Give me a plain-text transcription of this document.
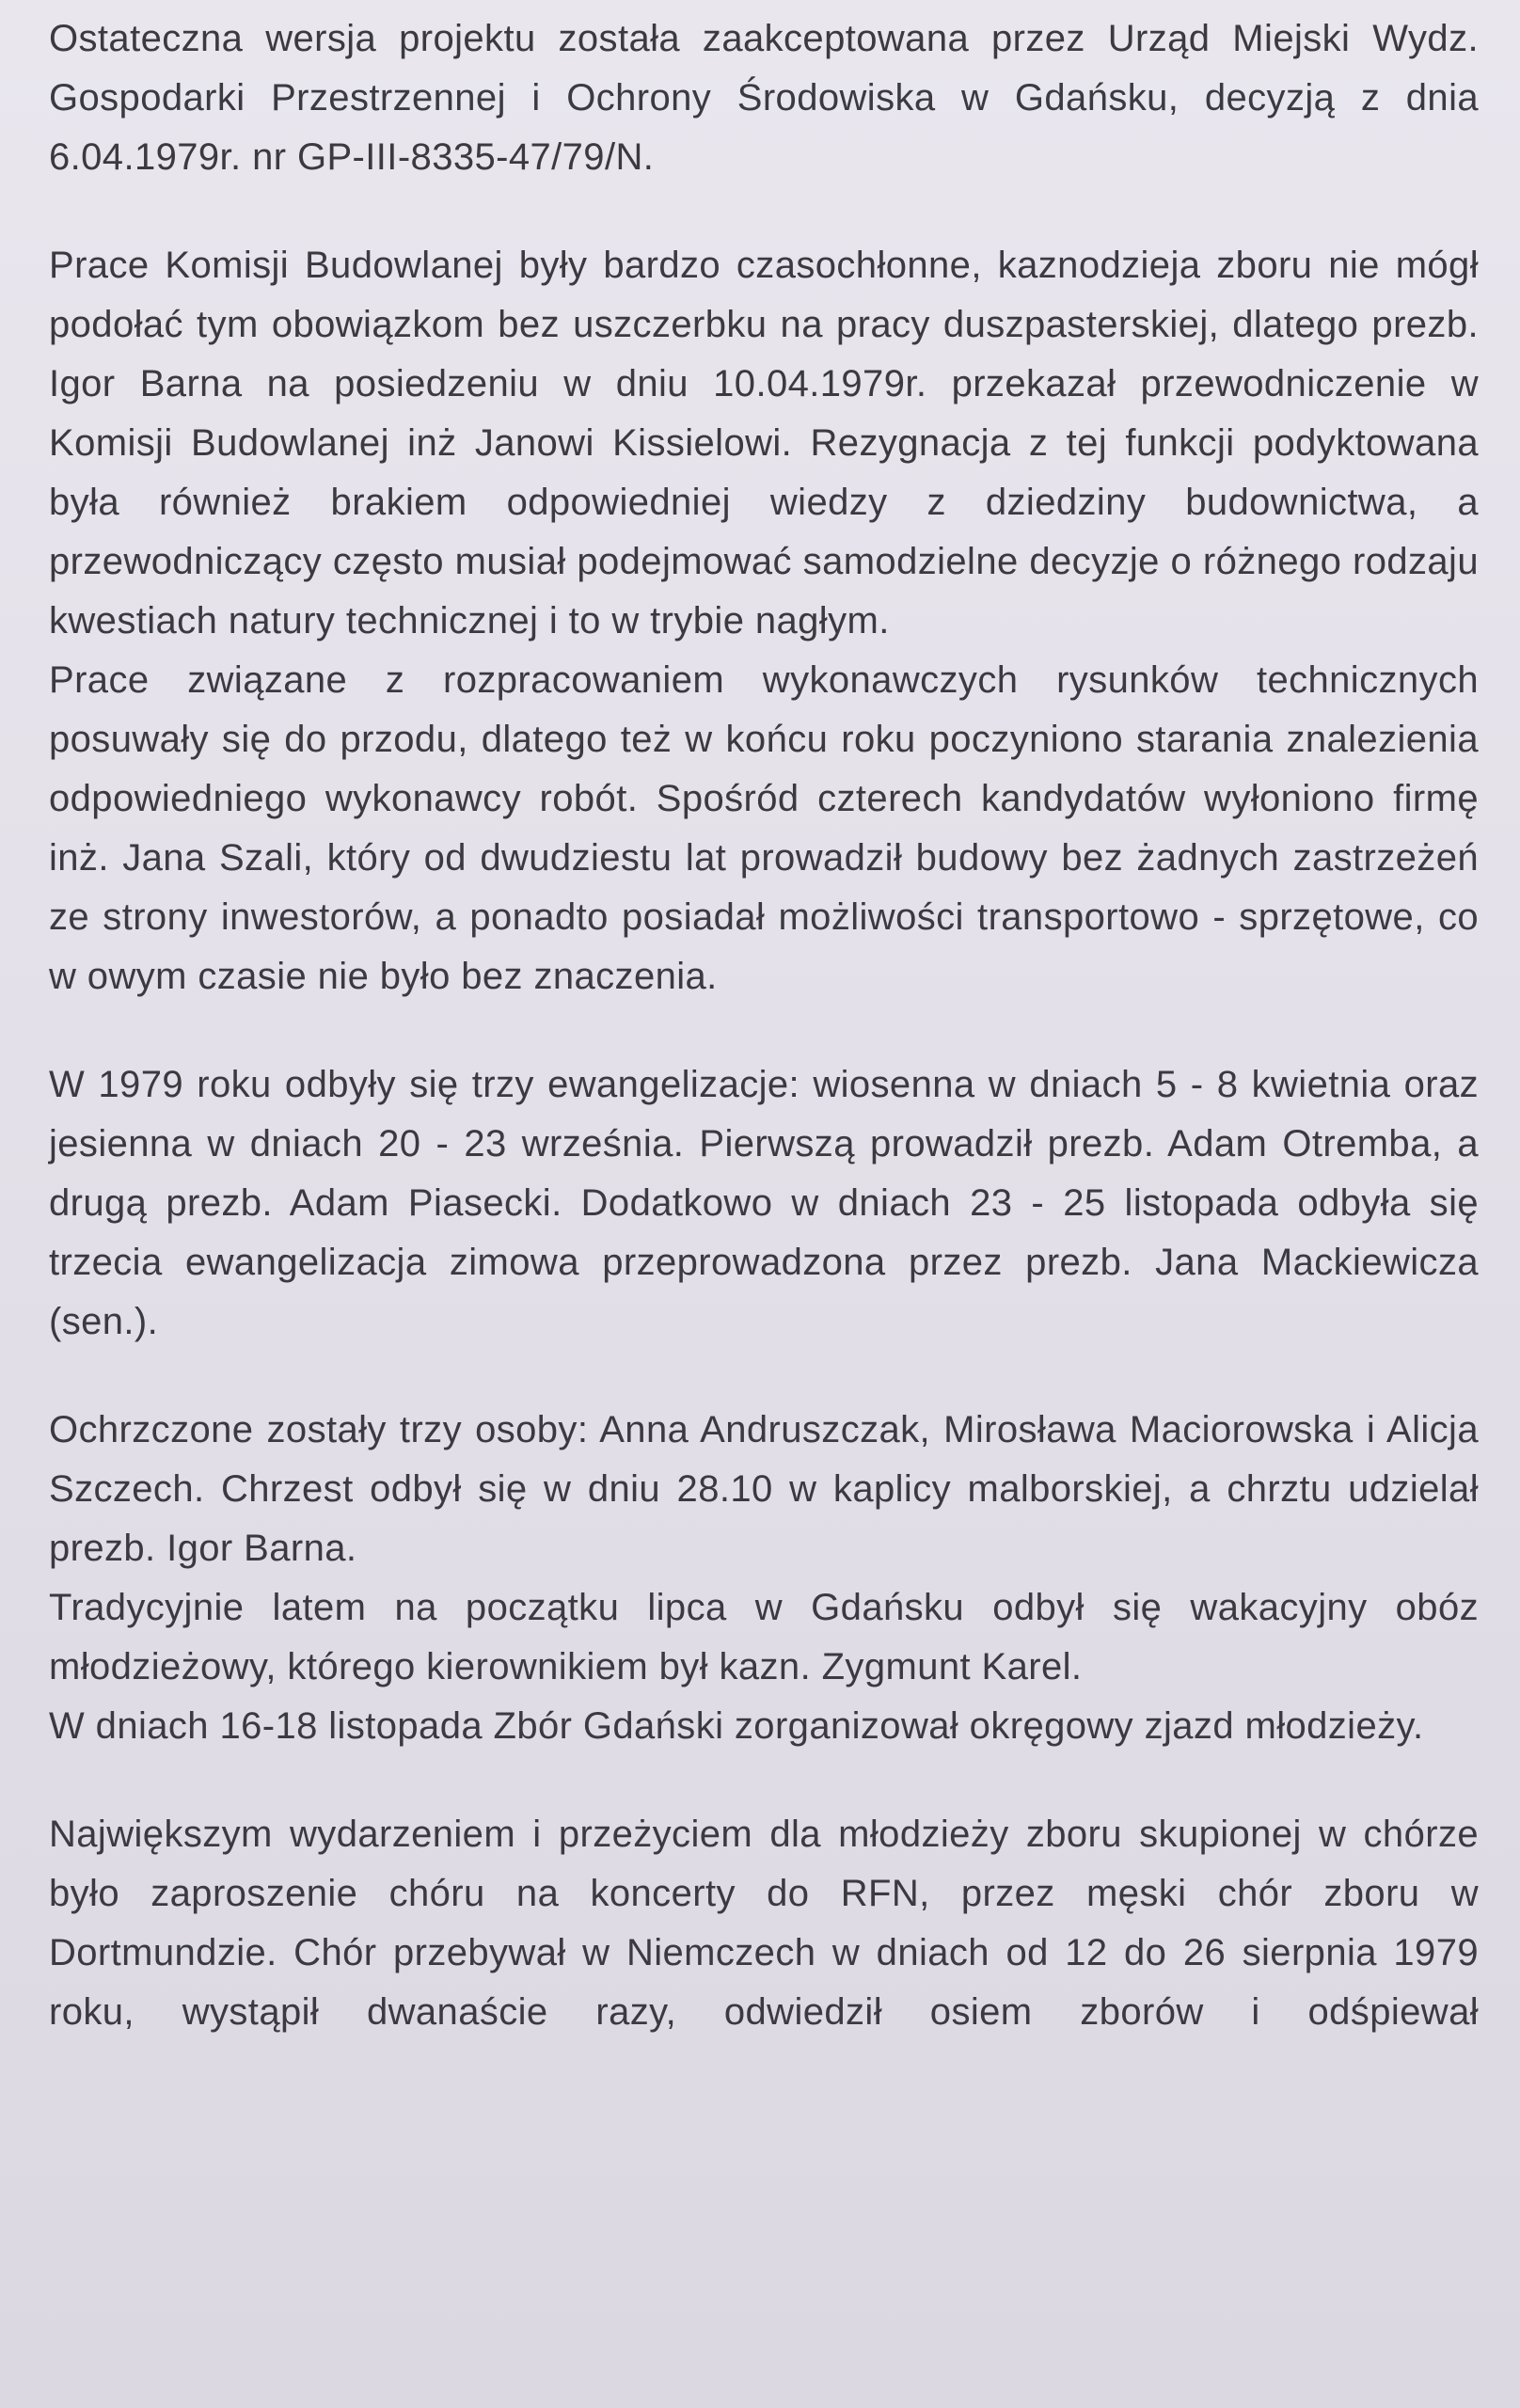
Ostateczna wersja projektu została zaakceptowana przez Urząd Miejski Wydz. Gospodarki Przestrzennej i Ochrony Środowiska w Gdańsku, decyzją z dnia 6.04.1979r. nr GP-III-8335-47/79/N.

Prace Komisji Budowlanej były bardzo czasochłonne, kaznodzieja zboru nie mógł podołać tym obowiązkom bez uszczerbku na pracy duszpasterskiej, dlatego prezb. Igor Barna na posiedzeniu w dniu 10.04.1979r. przekazał przewodniczenie w Komisji Budowlanej inż Janowi Kissielowi. Rezygnacja z tej funkcji podyktowana była również brakiem odpowiedniej wiedzy z dziedziny budownictwa, a przewodniczący często musiał podejmować samodzielne decyzje o różnego rodzaju kwestiach natury technicznej i to w trybie nagłym.

Prace związane z rozpracowaniem wykonawczych rysunków technicznych posuwały się do przodu, dlatego też w końcu roku poczyniono starania znalezienia odpowiedniego wykonawcy robót. Spośród czterech kandydatów wyłoniono firmę inż. Jana Szali, który od dwudziestu lat prowadził budowy bez żadnych zastrzeżeń ze strony inwestorów, a ponadto posiadał możliwości transportowo - sprzętowe, co w owym czasie nie było bez znaczenia.

W 1979 roku odbyły się trzy ewangelizacje: wiosenna w dniach 5 - 8 kwietnia oraz jesienna w dniach 20 - 23 września. Pierwszą prowadził prezb. Adam Otremba, a drugą prezb. Adam Piasecki. Dodatkowo w dniach 23 - 25 listopada odbyła się trzecia ewangelizacja zimowa przeprowadzona przez prezb. Jana Mackiewicza (sen.).

Ochrzczone zostały trzy osoby: Anna Andruszczak, Mirosława Maciorowska i Alicja Szczech. Chrzest odbył się w dniu 28.10 w kaplicy malborskiej, a chrztu udzielał prezb. Igor Barna.

Tradycyjnie latem na początku lipca w Gdańsku odbył się wakacyjny obóz młodzieżowy, którego kierownikiem był kazn. Zygmunt Karel.

W dniach 16-18 listopada Zbór Gdański zorganizował okręgowy zjazd młodzieży.

Największym wydarzeniem i przeżyciem dla młodzieży zboru skupionej w chórze było zaproszenie chóru na koncerty do RFN, przez męski chór zboru w Dortmundzie. Chór przebywał w Niemczech w dniach od 12 do 26 sierpnia 1979 roku, wystąpił dwanaście razy, odwiedził osiem zborów i odśpiewał
